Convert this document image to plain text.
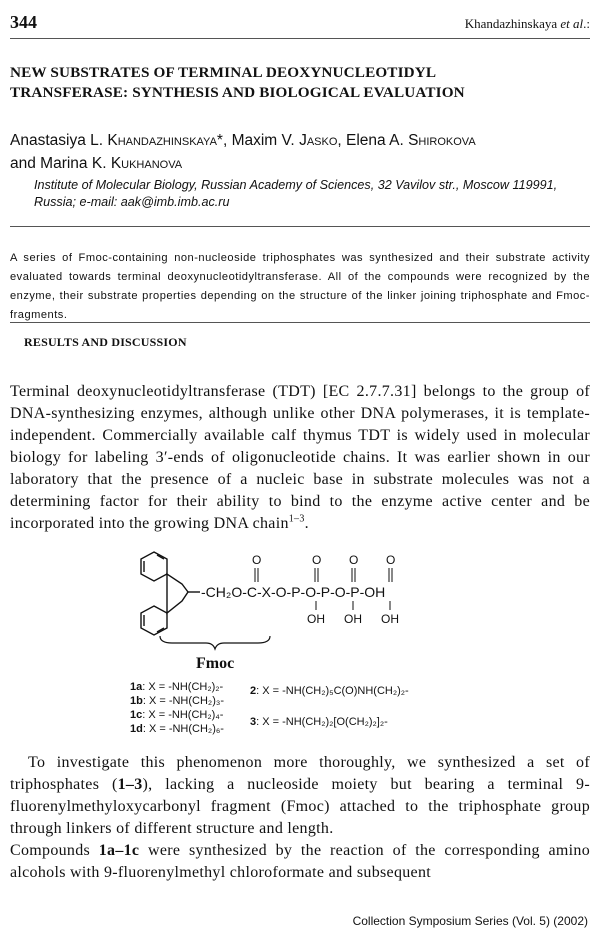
344	Khandazhinskaya et al.:
NEW SUBSTRATES OF TERMINAL DEOXYNUCLEOTIDYL
TRANSFERASE: SYNTHESIS AND BIOLOGICAL EVALUATION
Anastasiya L. Khandazhinskaya*, Maxim V. Jasko, Elena A. Shirokova
and Marina K. Kukhanova
Institute of Molecular Biology, Russian Academy of Sciences, 32 Vavilov str., Moscow 119991,
Russia; e-mail: aak@imb.imb.ac.ru

A series of Fmoc-containing non-nucleoside triphosphates was synthesized and their substrate activity evaluated towards terminal deoxynucleotidyltransferase. All of the compounds were recognized by the enzyme, their substrate properties depending on the structure of the linker joining triphosphate and Fmoc-fragments.

RESULTS AND DISCUSSION

Terminal deoxynucleotidyltransferase (TDT) [EC 2.7.7.31] belongs to the group of DNA-synthesizing enzymes, although unlike other DNA polymerases, it is template-independent. Commercially available calf thymus TDT is widely used in molecular biology for labeling 3′-ends of oligonucleotide chains. It was earlier shown in our laboratory that the presence of a nucleic base in substrate molecules was not a determining factor for their ability to bind to the enzyme active center and be incorporated into the growing DNA chain$^{1-3}$.

-CH₂O-C-X-O-P-O-P-O-P-OH
O	O O O
OH OH OH
Fmoc
1a: X = -NH(CH₂)₂-
1b: X = -NH(CH₂)₃-
1c: X = -NH(CH₂)₄-
1d: X = -NH(CH₂)₆-
2: X = -NH(CH₂)₅C(O)NH(CH₂)₂-
3: X = -NH(CH₂)₂[O(CH₂)₂]₂-
To investigate this phenomenon more thoroughly, we synthesized a set of triphosphates (1–3), lacking a nucleoside moiety but bearing a terminal 9-fluorenylmethyloxycarbonyl fragment (Fmoc) attached to the triphosphate group through linkers of different structure and length.
Compounds 1a–1c were synthesized by the reaction of the corresponding amino alcohols with 9-fluorenylmethyl chloroformate and subsequent
Collection Symposium Series (Vol. 5) (2002)
